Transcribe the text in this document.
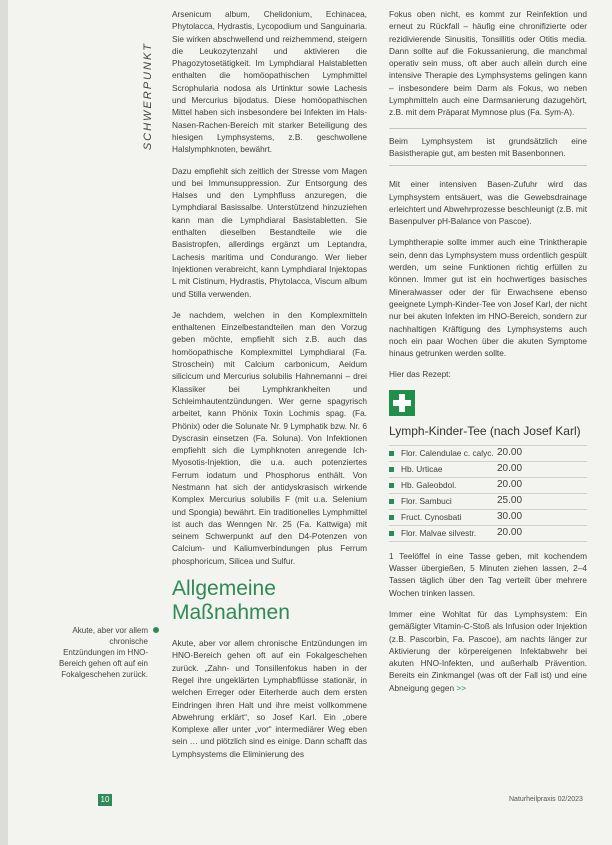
SCHWERPUNKT

Arsenicum album, Chelidonium, Echinacea, Phytolacca, Hydrastis, Lycopodium und Sanguinaria. Sie wirken abschwellend und reizhemmend, steigern die Leukozytenzahl und aktivieren die Phagozytosetätigkeit. Im Lymphdiaral Halstabletten enthalten die homöopathischen Lymphmittel Scrophularia nodosa als Urtinktur sowie Lachesis und Mercurius bijodatus. Diese homöopathischen Mittel haben sich insbesondere bei Infekten im Hals-Nasen-Rachen-Bereich mit starker Beteiligung des hiesigen Lymphsystems, z.B. geschwollene Halslymphknoten, bewährt.

Dazu empfiehlt sich zeitlich der Stresse vom Magen und bei Immunsuppression. Zur Entsorgung des Halses und den Lymphfluss anzuregen, die Lymphdiaral Basissalbe. Unterstützend hinzuziehen kann man die Lymphdiaral Basistabletten. Sie enthalten dieselben Bestandteile wie die Basistropfen, allerdings ergänzt um Leptandra, Lachesis maritima und Condurango. Wer lieber Injektionen verabreicht, kann Lymphdiaral Injektopas L mit Cistinum, Hydrastis, Phytolacca, Viscum album und Stilla verwenden.

Je nachdem, welchen in den Komplexmitteln enthaltenen Einzelbestandteilen man den Vorzug geben möchte, empfiehlt sich z.B. auch das homöopathische Komplexmittel Lymphdiaral (Fa. Stroschein) mit Calcium carbonicum, Aeidum silicicum und Mercurius solubilis Hahnemanni – drei Klassiker bei Lymphkrankheiten und Schleimhautentzündungen. Wer gerne spagyrisch arbeitet, kann Phönix Toxin Lochmis spag. (Fa. Phönix) oder die Solunate Nr. 9 Lymphatik bzw. Nr. 6 Dyscrasin einsetzen (Fa. Soluna). Von Infektionen empfiehlt sich die Lymphknoten anregende Ich-Myosotis-Injektion, die u.a. auch potenziertes Ferrum iodatum und Phosphorus enthält. Von Nestmann hat sich der antidyskrasisch wirkende Komplex Mercurius solubilis F (mit u.a. Selenium und Spongia) bewährt. Ein traditionelles Lymphmittel ist auch das Wenngen Nr. 25 (Fa. Kattwiga) mit seinem Schwerpunkt auf den D4-Potenzen von Calcium- und Kaliumverbindungen plus Ferrum phosphoricum, Silicea und Sulfur.

Allgemeine Maßnahmen

Akute, aber vor allem chronische Entzündungen im HNO-Bereich gehen oft auf ein Fokalgeschehen zurück. „Zahn- und Tonsillenfokus haben in der Regel ihre ungeklärten Lymphabflüsse stationär, in welchen Erreger oder Eiterherde auch dem ersten Eindringen ihren Halt und ihre meist vollkommene Abwehrung erklärt“, so Josef Karl. Ein „obere Komplexe aller unter „vor“ intermediärer Weg eben sein … und plötzlich sind es einige. Dann schafft das Lymphsystems die Eliminierung des

Fokus oben nicht, es kommt zur Reinfektion und erneut zu Rückfall – häufig eine chronifizierte oder rezidivierende Sinusitis, Tonsillitis oder Otitis media. Dann sollte auf die Fokussanierung, die manchmal operativ sein muss, oft aber auch allein durch eine intensive Therapie des Lymphsystems gelingen kann – insbesondere beim Darm als Fokus, wo neben Lymphmitteln auch eine Darmsanierung dazugehört, z.B. mit dem Präparat Mymnose plus (Fa. Sym-A).

Beim Lymphsystem ist grundsätzlich eine Basistherapie gut, am besten mit Basenbonnen.

Mit einer intensiven Basen-Zufuhr wird das Lymphsystem entsäuert, was die Gewebsdrainage erleichtert und Abwehrprozesse beschleunigt (z.B. mit Basenpulver pH-Balance von Pascoe).

Lymphtherapie sollte immer auch eine Trinktherapie sein, denn das Lymphsystem muss ordentlich gespült werden, um seine Funktionen richtig erfüllen zu können. Immer gut ist ein hochwertiges basisches Mineralwasser oder der für Erwachsene ebenso geeignete Lymph-Kinder-Tee von Josef Karl, der nicht nur bei akuten Infekten im HNO-Bereich, sondern zur nachhaltigen Kräftigung des Lymphsystems auch noch ein paar Wochen über die akuten Symptome hinaus getrunken werden sollte.

Hier das Rezept:

Lymph-Kinder-Tee (nach Josef Karl)
Flor. Calendulae c. calyc. 20.00
Hb. Urticae	20.00
Hb. Galeobdol.	20.00
Flor. Sambuci	25.00
Fruct. Cynosbati	30.00
Flor. Malvae silvestr.	20.00

1 Teelöffel in eine Tasse geben, mit kochendem Wasser übergießen, 5 Minuten ziehen lassen, 2–4 Tassen täglich über den Tag verteilt über mehrere Wochen trinken lassen.

Immer eine Wohltat für das Lymphsystem: Ein gemäßigter Vitamin-C-Stoß als Infusion oder Injektion (z.B. Pascorbin, Fa. Pascoe), am nachts länger zur Aktivierung der körpereigenen Infektabwehr bei akuten HNO-Infekten, und außerhalb Prävention. Bereits ein Zinkmangel (was oft der Fall ist) und eine Abneigung gegen >>

Akute, aber vor allem chronische Entzündungen im HNO-Bereich gehen oft auf ein Fokalgeschehen zurück.
10	Naturheilpraxis 02/2023
